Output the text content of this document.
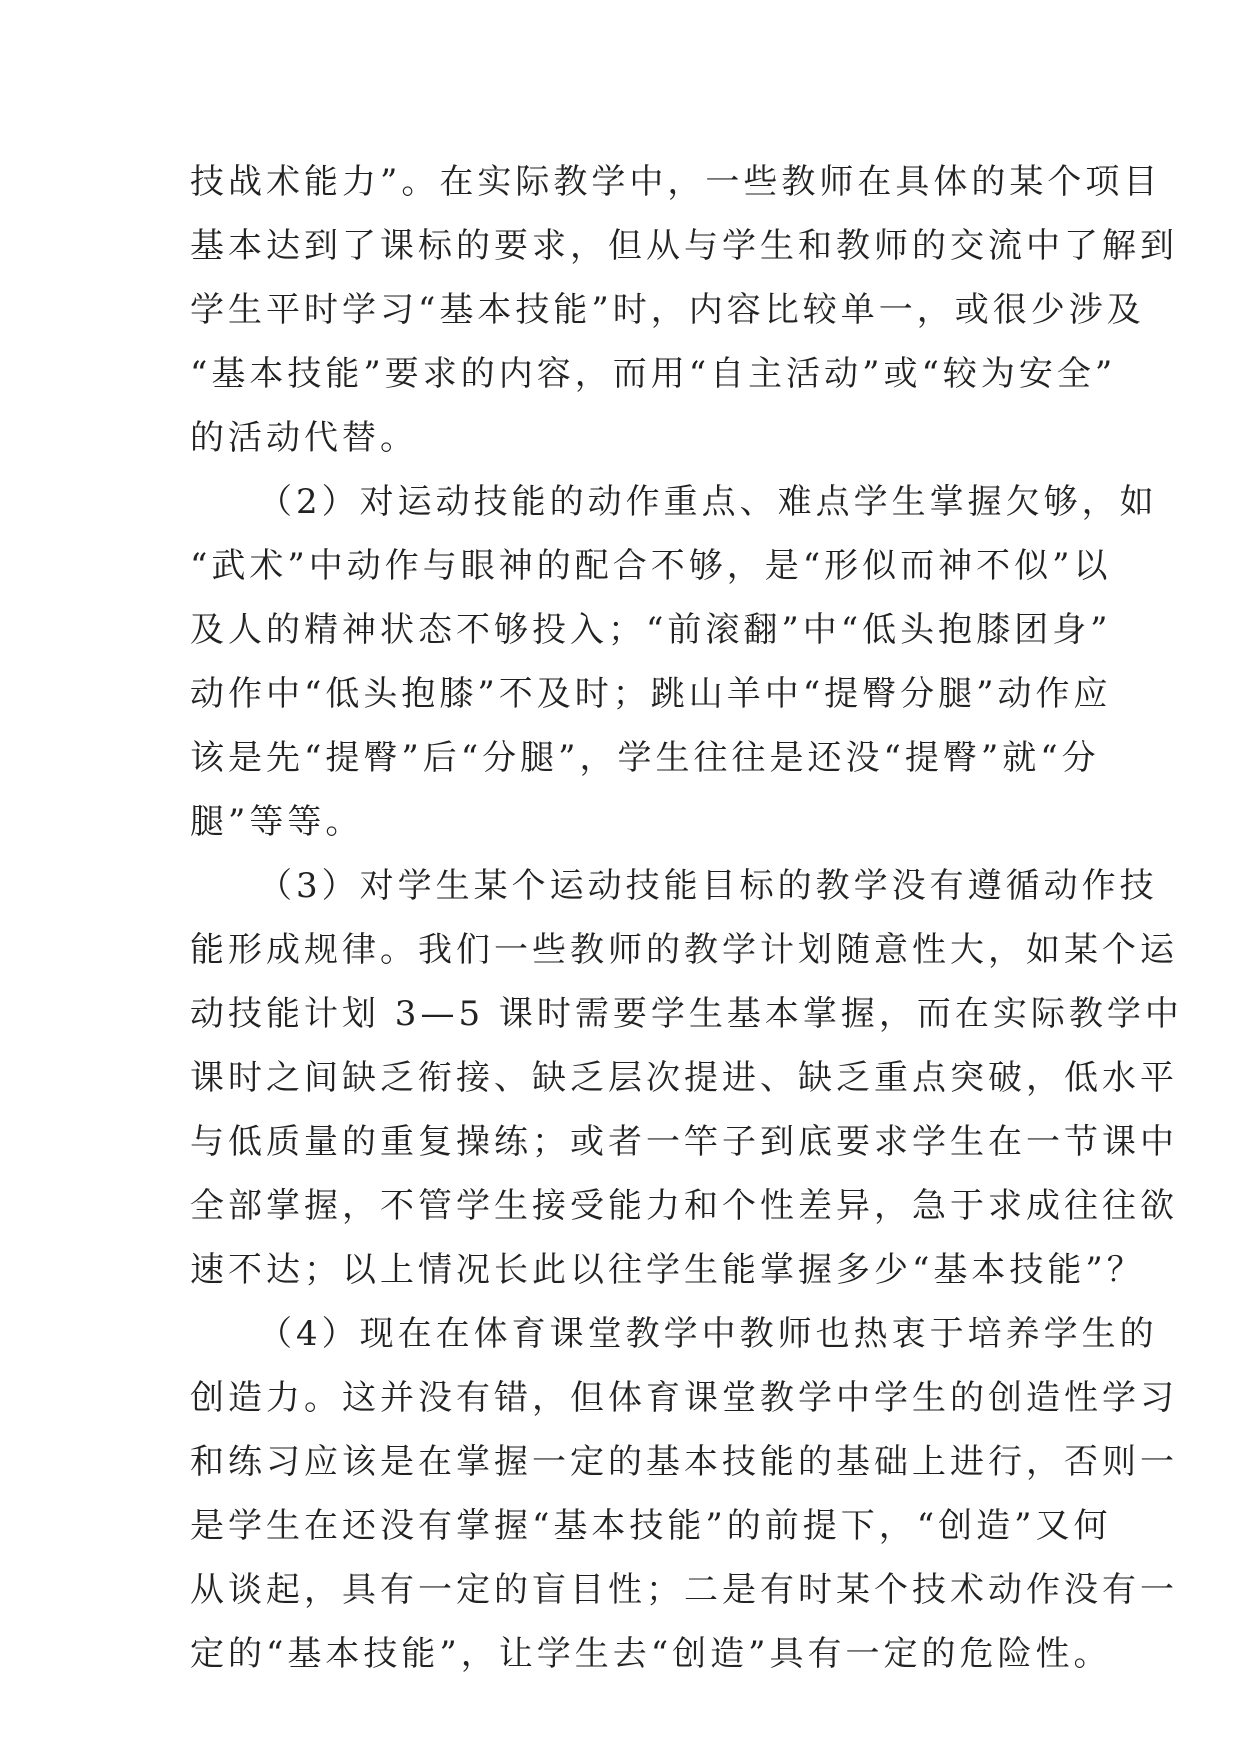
技战术能力”。在实际教学中，一些教师在具体的某个项目
基本达到了课标的要求，但从与学生和教师的交流中了解到
学生平时学习“基本技能”时，内容比较单一，或很少涉及
“基本技能”要求的内容，而用“自主活动”或“较为安全”
的活动代替。
（2）对运动技能的动作重点、难点学生掌握欠够，如
“武术”中动作与眼神的配合不够，是“形似而神不似”以
及人的精神状态不够投入；“前滚翻”中“低头抱膝团身”
动作中“低头抱膝”不及时；跳山羊中“提臀分腿”动作应
该是先“提臀”后“分腿”，学生往往是还没“提臀”就“分
腿”等等。
（3）对学生某个运动技能目标的教学没有遵循动作技
能形成规律。我们一些教师的教学计划随意性大，如某个运
动技能计划 3—5 课时需要学生基本掌握，而在实际教学中
课时之间缺乏衔接、缺乏层次提进、缺乏重点突破，低水平
与低质量的重复操练；或者一竿子到底要求学生在一节课中
全部掌握，不管学生接受能力和个性差异，急于求成往往欲
速不达；以上情况长此以往学生能掌握多少“基本技能”？
（4）现在在体育课堂教学中教师也热衷于培养学生的
创造力。这并没有错，但体育课堂教学中学生的创造性学习
和练习应该是在掌握一定的基本技能的基础上进行，否则一
是学生在还没有掌握“基本技能”的前提下，“创造”又何
从谈起，具有一定的盲目性；二是有时某个技术动作没有一
定的“基本技能”，让学生去“创造”具有一定的危险性。
